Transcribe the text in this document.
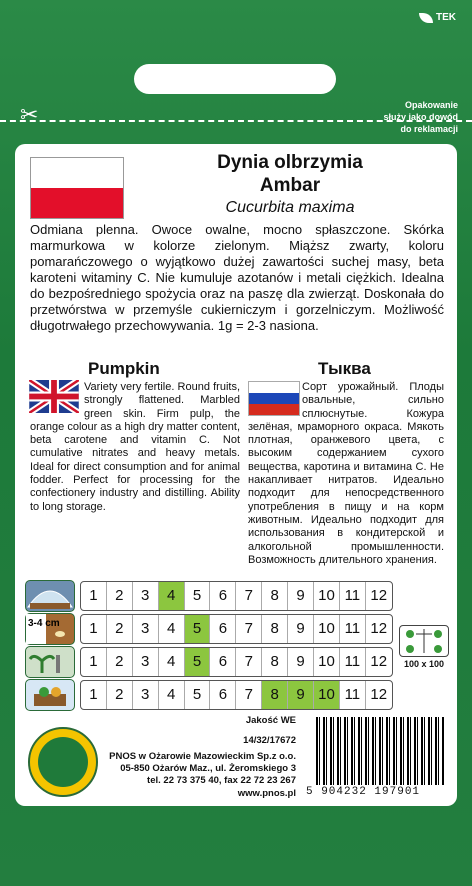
TEK
Opakowanie
służy jako dowód
do reklamacji
✂
Dynia olbrzymia
Ambar
Cucurbita maxima
Odmiana plenna. Owoce owalne, mocno spłaszczone. Skórka marmurkowa w kolorze zielonym. Miąższ zwarty, koloru pomarańczowego o wyjątkowo dużej zawartości suchej masy, beta karoteni witaminy C. Nie kumuluje azotanów i metali ciężkich. Idealna do bezpośredniego spożycia oraz na paszę dla zwierząt. Doskonała do przetwórstwa w przemyśle cukierniczym i gorzelniczym. Możliwość długotrwałego przechowywania. 1g = 2-3 nasiona.
Pumpkin	Тыква
Variety very fertile. Round fruits, strongly flattened. Marbled green skin. Firm pulp, the orange colour as a high dry matter content, beta carotene and vitamin C. Not cumulative nitrates and heavy metals. Ideal for direct consumption and for animal fodder. Perfect for processing for the confectionery industry and distilling. Ability to long storage.
Сорт урожайный. Плоды овальные, сильно сплюснутые. Кожура зелёная, мраморного окраса. Мякоть плотная, оранжевого цвета, с высоким содержанием сухого вещества, каротина и витамина С. Не накапливает нитратов. Идеально подходит для непосредственного употребления в пищу и на корм животным. Идеально подходит для использования в кондитерской и алкогольной промышленности. Возможность длительного хранения.
3-4 cm
1	2	3	4	5	6	7	8	9 10 11 12
1	2	3	4	5	6	7	8	9 10 11 12
1	2	3	4	5	6	7	8	9 10 11 12
1	2	3	4	5	6	7	8	9 10 11 12
100 x 100
Jakość WE
14/32/17672
PNOS w Ożarowie Mazowieckim Sp.z o.o.
05-850 Ożarów Maz., ul. Żeromskiego 3
tel. 22 73 375 40, fax 22 72 23 267
www.pnos.pl 5 904232 197901
